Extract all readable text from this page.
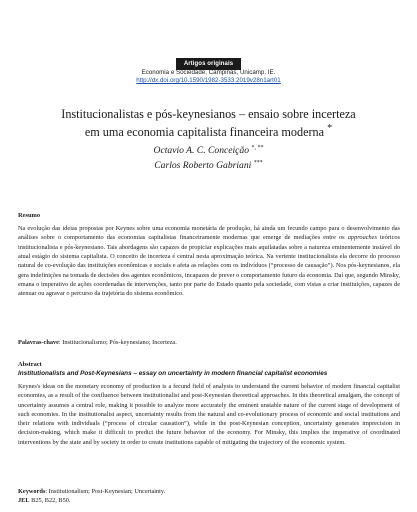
Artigos originais
Economia e Sociedade, Campinas, Unicamp. IE.
http://dx.doi.org/10.1590/1982-3533.2019v28n1art01
Institucionalistas e pós-keynesianos – ensaio sobre incerteza
em uma economia capitalista financeira moderna *
Octavio A. C. Conceição *, **
Carlos Roberto Gabriani ***
Resumo
Na evolução das ideias propostas por Keynes sobre uma economia monetária de produção, há ainda um fecundo campo para o desenvolvimento das análises sobre o comportamento das economias capitalistas financeiramente modernas que emerge de mediações entre os approaches teóricos institucionalista e pós-keynesiano. Tais abordagens são capazes de propiciar explicações mais aquilatadas sobre a natureza eminentemente instável do atual estágio do sistema capitalista. O conceito de incerteza é central nesta aproximação teórica. Na vertente institucionalista ela decorre do processo natural de co-evolução das instituições econômicas e sociais e afeta as relações com os indivíduos (“processo de causação”). Nos pós-keynesianos, ela gera indefinições na tomada de decisões dos agentes econômicos, incapazes de prever o comportamento futuro da economia. Daí que, segundo Minsky, emana o imperativo de ações coordenadas de intervenções, tanto por parte do Estado quanto pela sociedade, com vistas a criar instituições, capazes de atenuar ou agravar o percurso da trajetória do sistema econômico.
Palavras-chave: Institucionalismo; Pós-keynesiano; Incerteza.
Abstract
Institutionalists and Post-Keynesians – essay on uncertainty in modern financial capitalist economies
Keynes's ideas on the monetary economy of production is a fecund field of analysis to understand the current behavior of modern financial capitalist economies, as a result of the confluence between institutionalist and post-Keynesian theoretical approaches. In this theoretical amalgam, the concept of uncertainty assumes a central role, making it possible to analyze more accurately the eminent unstable nature of the current stage of development of such economies. In the institutionalist aspect, uncertainty results from the natural and co-evolutionary process of economic and social institutions and their relations with individuals (“process of circular causation”), while in the post-Keynesian conception, uncertainty generates imprecision in decision-making, which make it difficult to predict the future behavior of the economy. For Minsky, this implies the imperative of coordinated interventions by the state and by society in order to create institutions capable of mitigating the trajectory of the economic system.
Keywords: Institutionalism; Post-Keynesian; Uncertainty.
JEL B25, B22, B50.
